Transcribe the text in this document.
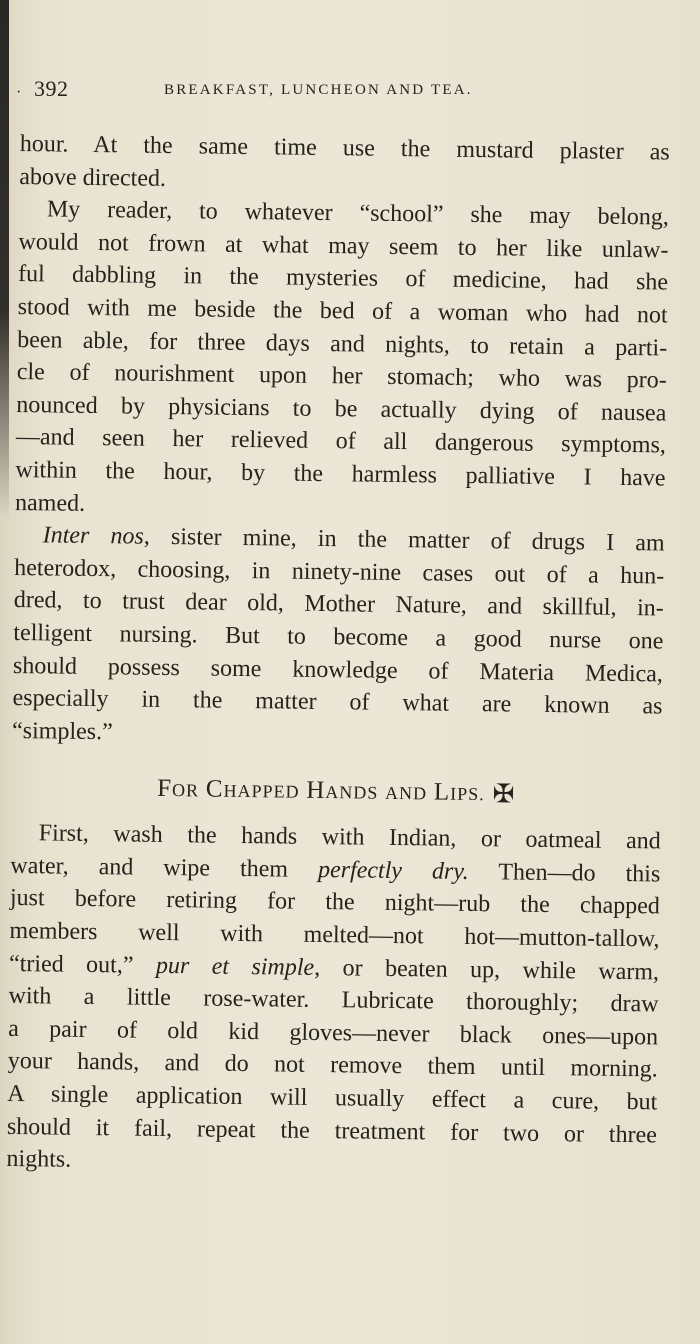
· 392	BREAKFAST, LUNCHEON AND TEA.
hour. At the same time use the mustard plaster as
above directed.
My reader, to whatever “school” she may belong,
would not frown at what may seem to her like unlaw-
ful dabbling in the mysteries of medicine, had she
stood with me beside the bed of a woman who had not
been able, for three days and nights, to retain a parti-
cle of nourishment upon her stomach; who was pro-
nounced by physicians to be actually dying of nausea
—and seen her relieved of all dangerous symptoms,
within the hour, by the harmless palliative I have
named.
Inter nos, sister mine, in the matter of drugs I am
heterodox, choosing, in ninety-nine cases out of a hun-
dred, to trust dear old, Mother Nature, and skillful, in-
telligent nursing. But to become a good nurse one
should possess some knowledge of Materia Medica,
especially in the matter of what are known as
“simples.”
FOR CHAPPED HANDS AND LIPS. ✠
First, wash the hands with Indian, or oatmeal and
water, and wipe them perfectly dry. Then—do this
just before retiring for the night—rub the chapped
members well with melted—not hot—mutton-tallow,
“tried out,” pur et simple, or beaten up, while warm,
with a little rose-water. Lubricate thoroughly; draw
a pair of old kid gloves—never black ones—upon
your hands, and do not remove them until morning.
A single application will usually effect a cure, but
should it fail, repeat the treatment for two or three
nights.
